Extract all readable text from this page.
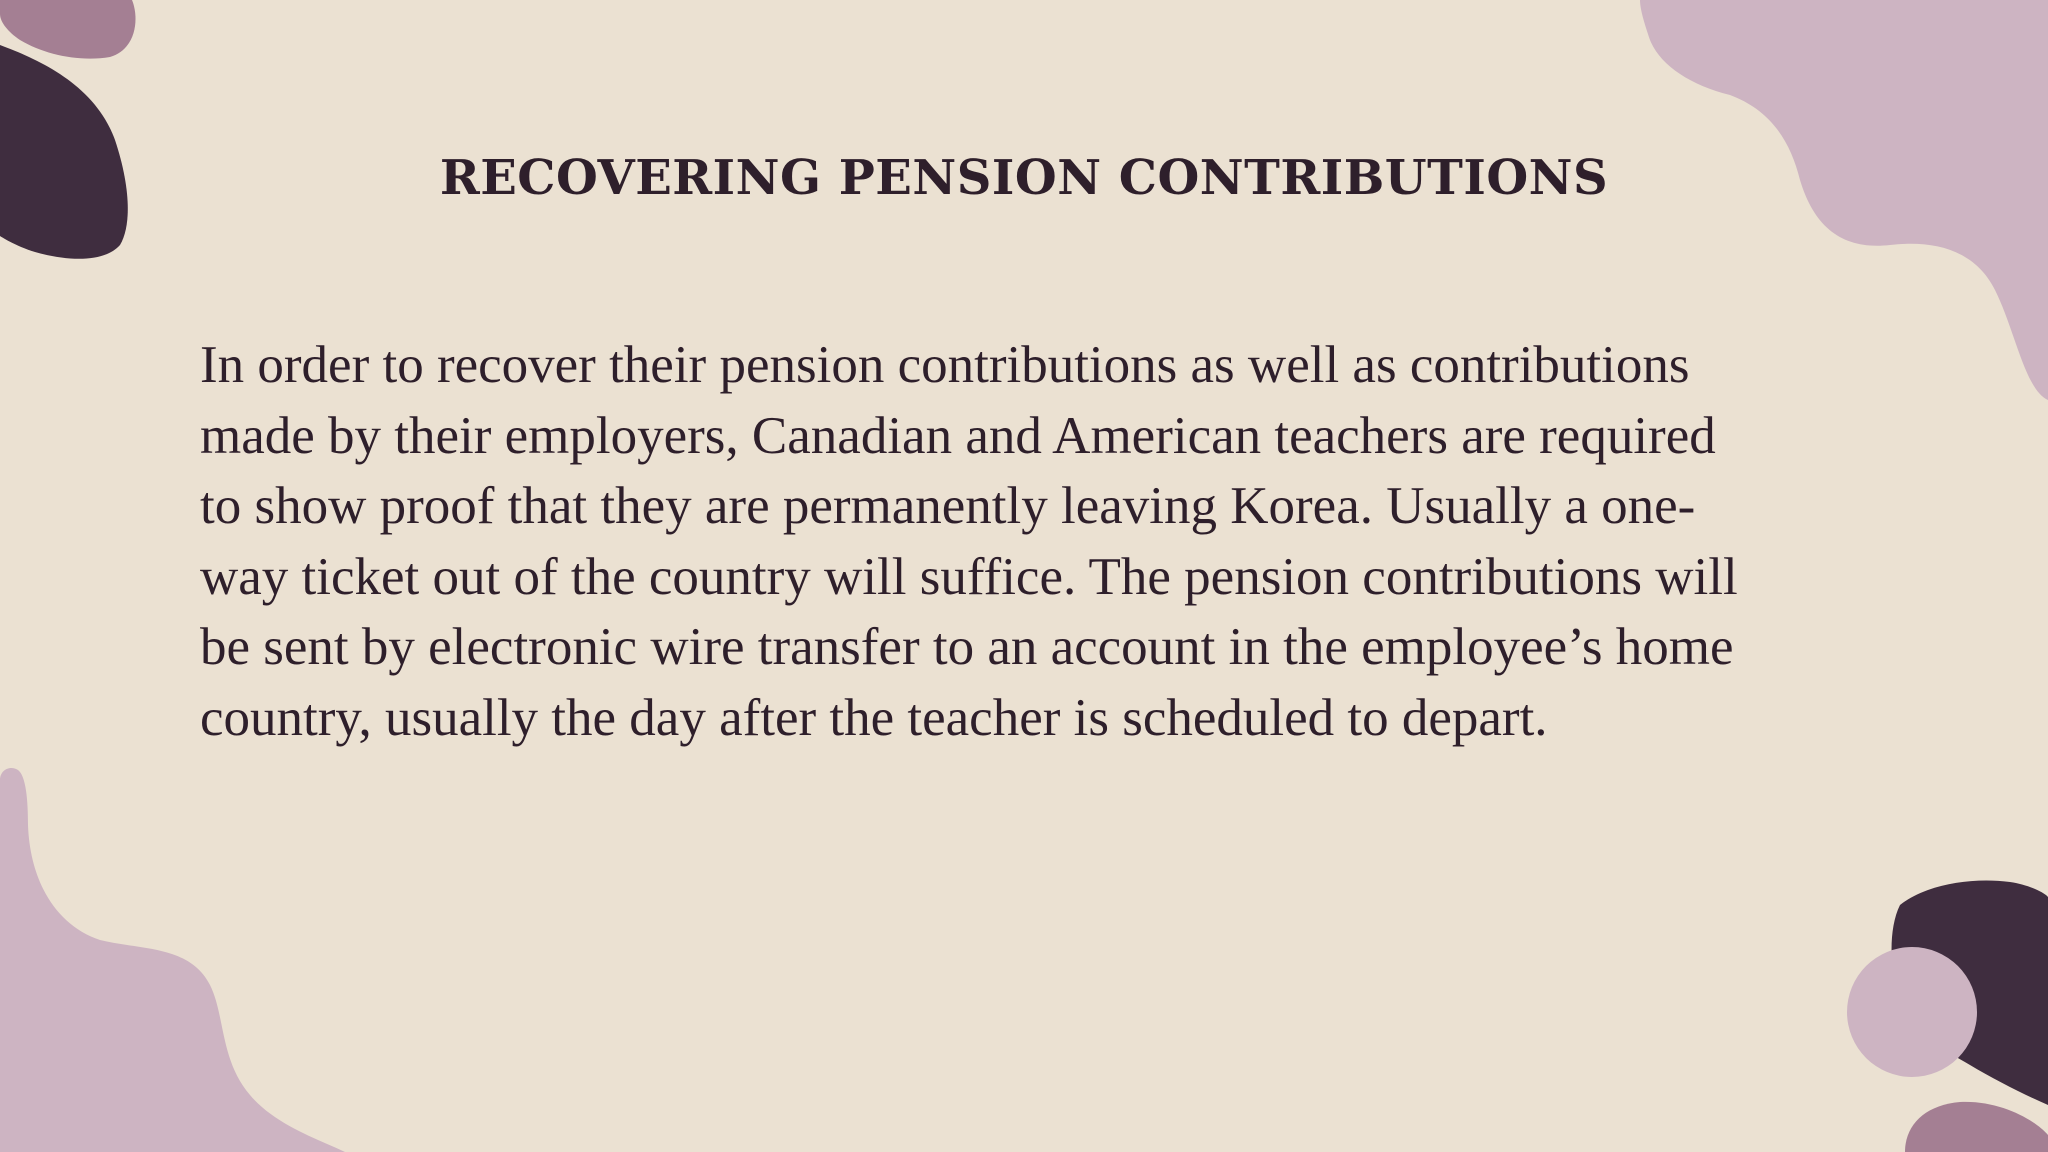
RECOVERING PENSION CONTRIBUTIONS
In order to recover their pension contributions as well as contributions
made by their employers, Canadian and American teachers are required
to show proof that they are permanently leaving Korea. Usually a one-
way ticket out of the country will suffice. The pension contributions will
be sent by electronic wire transfer to an account in the employee’s home
country, usually the day after the teacher is scheduled to depart.
